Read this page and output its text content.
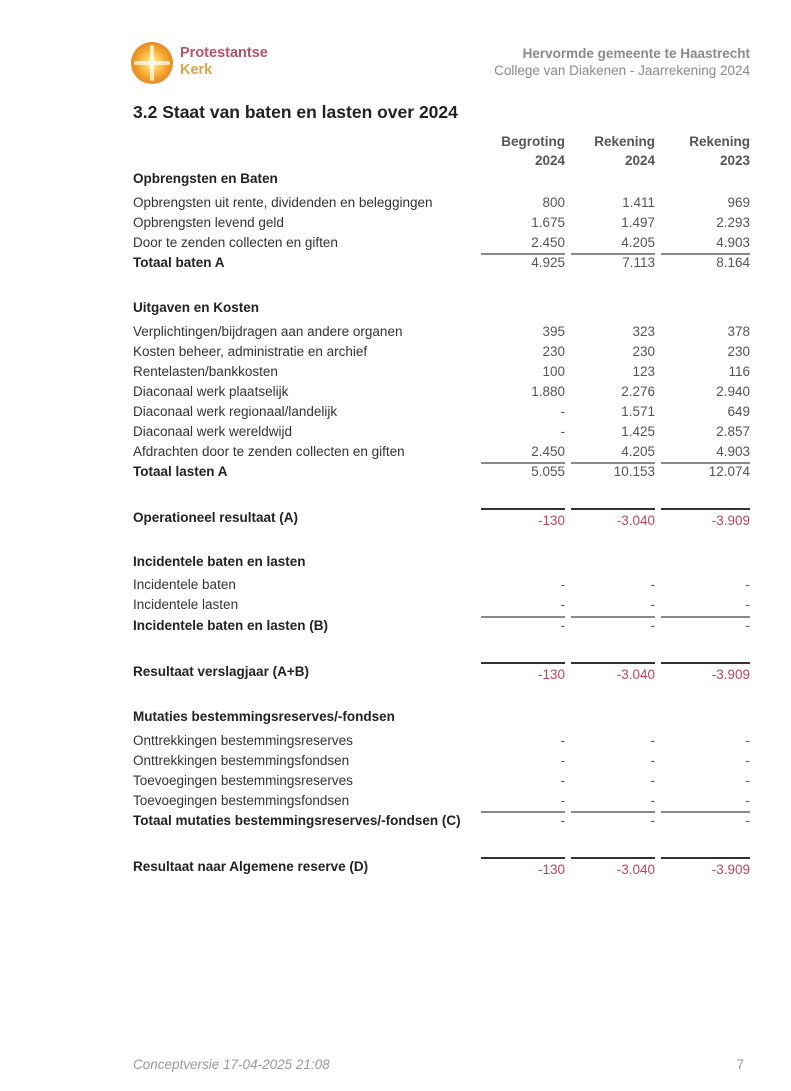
Protestantse
Kerk
Hervormde gemeente te Haastrecht
College van Diakenen - Jaarrekening 2024
3.2 Staat van baten en lasten over 2024
Begroting
2024
Rekening
2024
Rekening
2023
Opbrengsten en Baten
Opbrengsten uit rente, dividenden en beleggingen	800	1.411	969
Opbrengsten levend geld	1.675	1.497	2.293
Door te zenden collecten en giften	2.450	4.205	4.903
Totaal baten A	4.925	7.113	8.164
Uitgaven en Kosten
Verplichtingen/bijdragen aan andere organen	395	323	378
Kosten beheer, administratie en archief	230	230	230
Rentelasten/bankkosten	100	123	116
Diaconaal werk plaatselijk	1.880	2.276	2.940
Diaconaal werk regionaal/landelijk	-	1.571	649
Diaconaal werk wereldwijd	-	1.425	2.857
Afdrachten door te zenden collecten en giften	2.450	4.205	4.903
Totaal lasten A	5.055	10.153	12.074
Operationeel resultaat (A)	-130	-3.040	-3.909
Incidentele baten en lasten
Incidentele baten	-	-	-
Incidentele lasten	-	-	-
Incidentele baten en lasten (B)	-	-	-
Resultaat verslagjaar (A+B)	-130	-3.040	-3.909
Mutaties bestemmingsreserves/-fondsen
Onttrekkingen bestemmingsreserves	-	-	-
Onttrekkingen bestemmingsfondsen	-	-	-
Toevoegingen bestemmingsreserves	-	-	-
Toevoegingen bestemmingsfondsen	-	-	-
Totaal mutaties bestemmingsreserves/-fondsen (C)	-	-	-
Resultaat naar Algemene reserve (D)	-130	-3.040	-3.909
Conceptversie 17-04-2025 21:08	7
